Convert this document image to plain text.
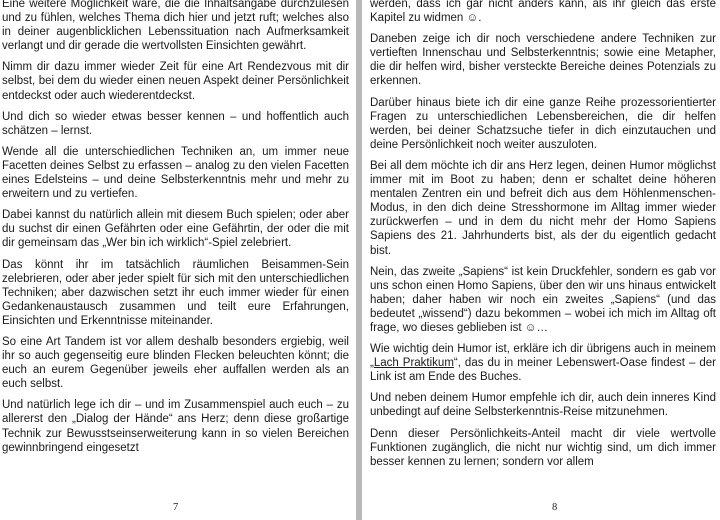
Eine weitere Möglichkeit wäre, die die Inhaltsangabe durchzulesen und zu fühlen, welches Thema dich hier und jetzt ruft; welches also in deiner augenblicklichen Lebenssituation nach Aufmerksamkeit verlangt und dir gerade die wertvollsten Einsichten gewährt.

Nimm dir dazu immer wieder Zeit für eine Art Rendezvous mit dir selbst, bei dem du wieder einen neuen Aspekt deiner Persönlichkeit entdeckst oder auch wiederentdeckst.

Und dich so wieder etwas besser kennen – und hoffentlich auch schätzen – lernst.

Wende all die unterschiedlichen Techniken an, um immer neue Facetten deines Selbst zu erfassen – analog zu den vielen Facetten eines Edelsteins – und deine Selbsterkenntnis mehr und mehr zu erweitern und zu vertiefen.

Dabei kannst du natürlich allein mit diesem Buch spielen; oder aber du suchst dir einen Gefährten oder eine Gefährtin, der oder die mit dir gemeinsam das „Wer bin ich wirklich“-Spiel zelebriert.

Das könnt ihr im tatsächlich räumlichen Beisammen-Sein zelebrieren, oder aber jeder spielt für sich mit den unterschiedlichen Techniken; aber dazwischen setzt ihr euch immer wieder für einen Gedankenaustausch zusammen und teilt eure Erfahrungen, Einsichten und Erkenntnisse miteinander.

So eine Art Tandem ist vor allem deshalb besonders ergiebig, weil ihr so auch gegenseitig eure blinden Flecken beleuchten könnt; die euch an eurem Gegenüber jeweils eher auffallen werden als an euch selbst.

Und natürlich lege ich dir – und im Zusammenspiel auch euch – zu allererst den „Dialog der Hände“ ans Herz; denn diese großartige Technik zur Bewusstseinserweiterung kann in so vielen Bereichen gewinnbringend eingesetzt

7

werden, dass ich gar nicht anders kann, als ihr gleich das erste Kapitel zu widmen ☺.

Daneben zeige ich dir noch verschiedene andere Techniken zur vertieften Innenschau und Selbsterkenntnis; sowie eine Metapher, die dir helfen wird, bisher versteckte Bereiche deines Potenzials zu erkennen.

Darüber hinaus biete ich dir eine ganze Reihe prozessorientierter Fragen zu unterschiedlichen Lebensbereichen, die dir helfen werden, bei deiner Schatzsuche tiefer in dich einzutauchen und deine Persönlichkeit noch weiter auszuloten.

Bei all dem möchte ich dir ans Herz legen, deinen Humor möglichst immer mit im Boot zu haben; denn er schaltet deine höheren mentalen Zentren ein und befreit dich aus dem Höhlenmenschen-Modus, in den dich deine Stresshormone im Alltag immer wieder zurückwerfen – und in dem du nicht mehr der Homo Sapiens Sapiens des 21. Jahrhunderts bist, als der du eigentlich gedacht bist.

Nein, das zweite „Sapiens“ ist kein Druckfehler, sondern es gab vor uns schon einen Homo Sapiens, über den wir uns hinaus entwickelt haben; daher haben wir noch ein zweites „Sapiens“ (und das bedeutet „wissend“) dazu bekommen – wobei ich mich im Alltag oft frage, wo dieses geblieben ist ☺…

Wie wichtig dein Humor ist, erkläre ich dir übrigens auch in meinem „Lach Praktikum“, das du in meiner Lebenswert-Oase findest – der Link ist am Ende des Buches.

Und neben deinem Humor empfehle ich dir, auch dein inneres Kind unbedingt auf deine Selbsterkenntnis-Reise mitzunehmen.

Denn dieser Persönlichkeits-Anteil macht dir viele wertvolle Funktionen zugänglich, die nicht nur wichtig sind, um dich immer besser kennen zu lernen; sondern vor allem

8
